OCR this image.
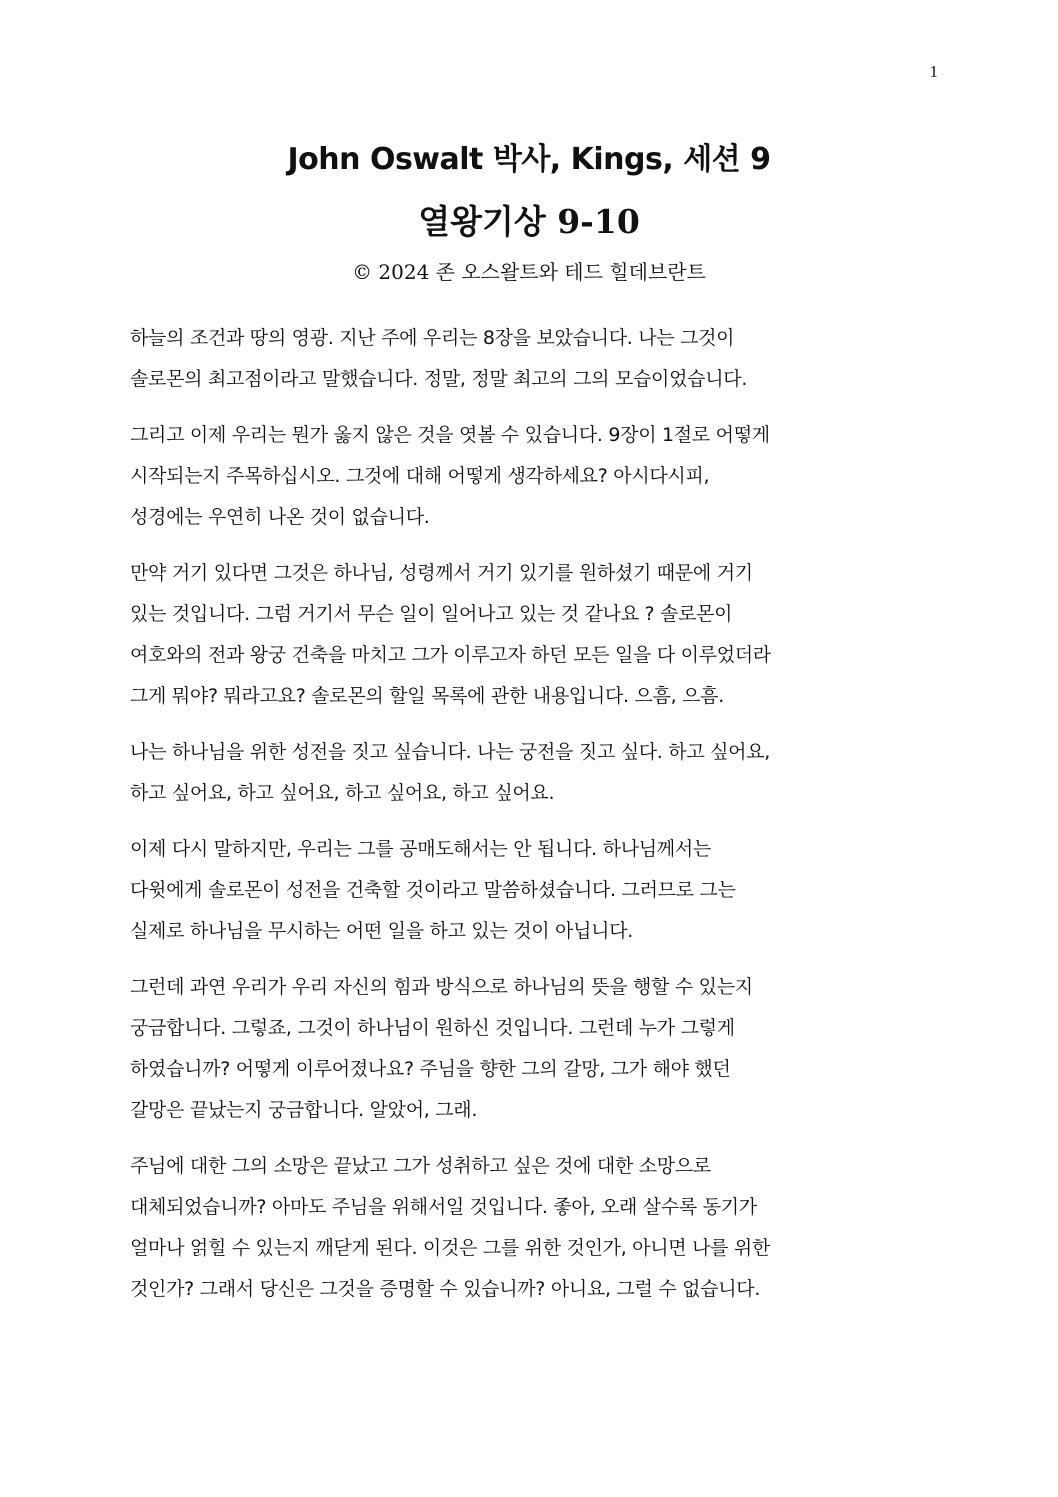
1
John Oswalt 박사, Kings, 세션 9
열왕기상 9-10
© 2024 존 오스왈트와 테드 힐데브란트

하늘의 조건과 땅의 영광. 지난 주에 우리는 8장을 보았습니다. 나는 그것이
솔로몬의 최고점이라고 말했습니다. 정말, 정말 최고의 그의 모습이었습니다.

그리고 이제 우리는 뭔가 옳지 않은 것을 엿볼 수 있습니다. 9장이 1절로 어떻게
시작되는지 주목하십시오. 그것에 대해 어떻게 생각하세요? 아시다시피,
성경에는 우연히 나온 것이 없습니다.

만약 거기 있다면 그것은 하나님, 성령께서 거기 있기를 원하셨기 때문에 거기
있는 것입니다. 그럼 거기서 무슨 일이 일어나고 있는 것 같나요 ? 솔로몬이
여호와의 전과 왕궁 건축을 마치고 그가 이루고자 하던 모든 일을 다 이루었더라
그게 뭐야? 뭐라고요? 솔로몬의 할일 목록에 관한 내용입니다. 으흠, 으흠.

나는 하나님을 위한 성전을 짓고 싶습니다. 나는 궁전을 짓고 싶다. 하고 싶어요,
하고 싶어요, 하고 싶어요, 하고 싶어요, 하고 싶어요.

이제 다시 말하지만, 우리는 그를 공매도해서는 안 됩니다. 하나님께서는
다윗에게 솔로몬이 성전을 건축할 것이라고 말씀하셨습니다. 그러므로 그는
실제로 하나님을 무시하는 어떤 일을 하고 있는 것이 아닙니다.

그런데 과연 우리가 우리 자신의 힘과 방식으로 하나님의 뜻을 행할 수 있는지
궁금합니다. 그렇죠, 그것이 하나님이 원하신 것입니다. 그런데 누가 그렇게
하였습니까? 어떻게 이루어졌나요? 주님을 향한 그의 갈망, 그가 해야 했던
갈망은 끝났는지 궁금합니다. 알았어, 그래.

주님에 대한 그의 소망은 끝났고 그가 성취하고 싶은 것에 대한 소망으로
대체되었습니까? 아마도 주님을 위해서일 것입니다. 좋아, 오래 살수록 동기가
얼마나 얽힐 수 있는지 깨닫게 된다. 이것은 그를 위한 것인가, 아니면 나를 위한
것인가? 그래서 당신은 그것을 증명할 수 있습니까? 아니요, 그럴 수 없습니다.
